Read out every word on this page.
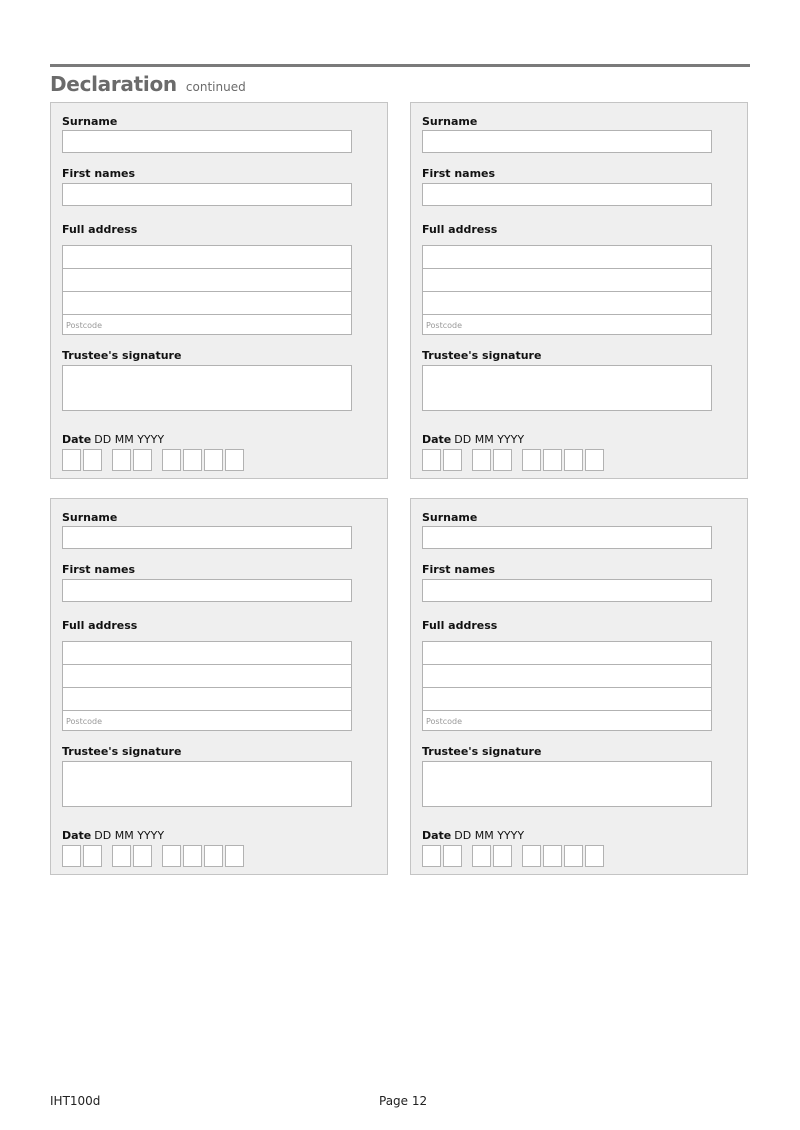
Declaration continued
Surname
First names
Full address
Postcode
Trustee's signature
Date DD MM YYYY
Surname
First names
Full address
Postcode
Trustee's signature
Date DD MM YYYY
Surname
First names
Full address
Postcode
Trustee's signature
Date DD MM YYYY
Surname
First names
Full address
Postcode
Trustee's signature
Date DD MM YYYY
IHT100d	Page 12
